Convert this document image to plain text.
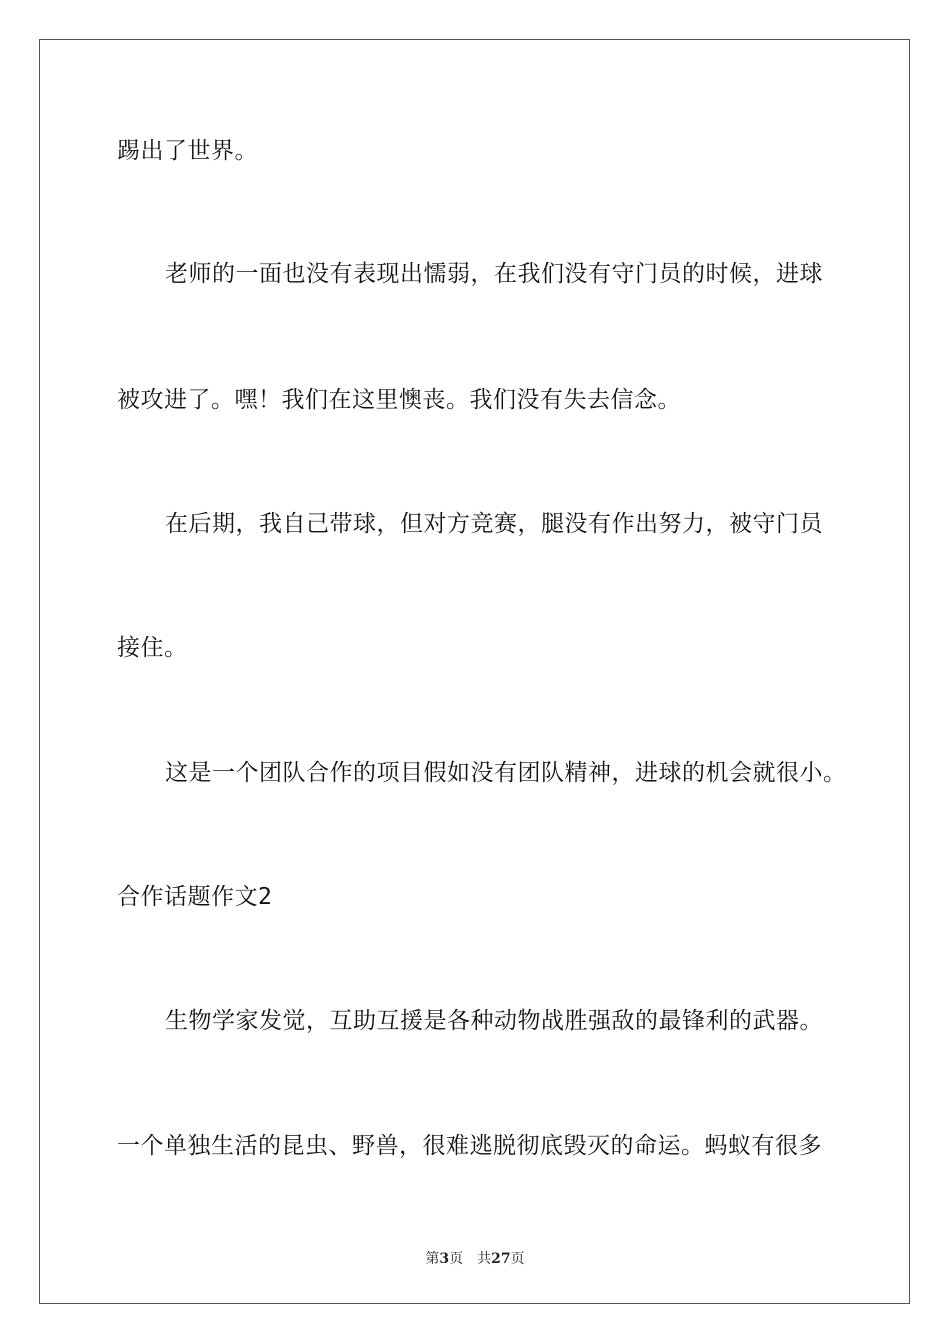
踢出了世界。
老师的一面也没有表现出懦弱，在我们没有守门员的时候，进球
被攻进了。嘿！我们在这里懊丧。我们没有失去信念。
在后期，我自己带球，但对方竞赛，腿没有作出努力，被守门员
接住。
这是一个团队合作的项目假如没有团队精神，进球的机会就很小。
合作话题作文2
生物学家发觉，互助互援是各种动物战胜强敌的最锋利的武器。
一个单独生活的昆虫、野兽，很难逃脱彻底毁灭的命运。蚂蚁有很多
第3页 共27页
